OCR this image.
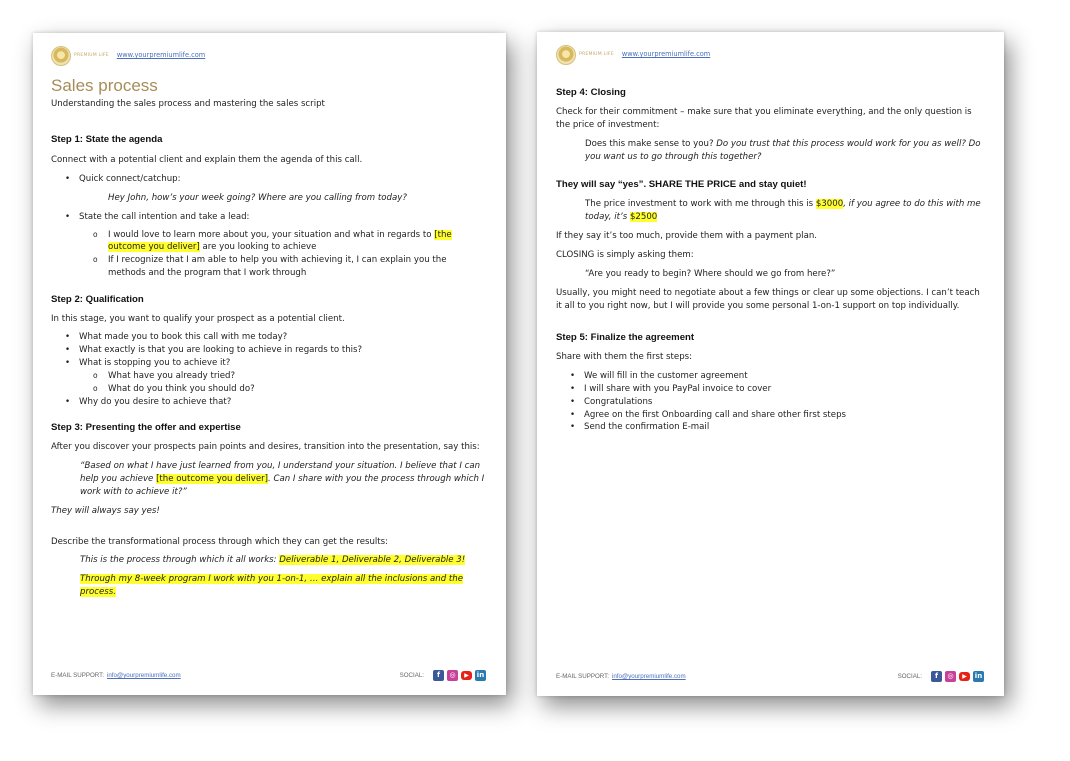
PREMIUM LIFE www.yourpremiumlife.com
Sales process

Understanding the sales process and mastering the sales script

Step 1: State the agenda

Connect with a potential client and explain them the agenda of this call.

• Quick connect/catchup:

Hey John, how’s your week going? Where are you calling from today?

• State the call intention and take a lead:
o I would love to learn more about you, your situation and what in regards to [the outcome you deliver] are you looking to achieve
o If I recognize that I am able to help you with achieving it, I can explain you the methods and the program that I work through
Step 2: Qualification

In this stage, you want to qualify your prospect as a potential client.

• What made you to book this call with me today?
• What exactly is that you are looking to achieve in regards to this?
• What is stopping you to achieve it?
o What have you already tried?
o What do you think you should do?
• Why do you desire to achieve that?
Step 3: Presenting the offer and expertise

After you discover your prospects pain points and desires, transition into the presentation, say this:

“Based on what I have just learned from you, I understand your situation. I believe that I can help you achieve [the outcome you deliver]. Can I share with you the process through which I work with to achieve it?”

They will always say yes!

Describe the transformational process through which they can get the results:

This is the process through which it all works: Deliverable 1, Deliverable 2, Deliverable 3!

Through my 8-week program I work with you 1-on-1, … explain all the inclusions and the process.

E-MAIL SUPPORT: info@yourpremiumlife.com	SOCIAL:	f	◎	▶	in
PREMIUM LIFE www.yourpremiumlife.com
Step 4: Closing

Check for their commitment – make sure that you eliminate everything, and the only question is the price of investment:

Does this make sense to you? Do you trust that this process would work for you as well? Do you want us to go through this together?

They will say “yes”. SHARE THE PRICE and stay quiet!

The price investment to work with me through this is $3000, if you agree to do this with me today, it’s $2500

If they say it’s too much, provide them with a payment plan.

CLOSING is simply asking them:

“Are you ready to begin? Where should we go from here?”

Usually, you might need to negotiate about a few things or clear up some objections. I can’t teach it all to you right now, but I will provide you some personal 1-on-1 support on top individually.

Step 5: Finalize the agreement

Share with them the first steps:

• We will fill in the customer agreement
• I will share with you PayPal invoice to cover
• Congratulations
• Agree on the first Onboarding call and share other first steps
• Send the confirmation E-mail
E-MAIL SUPPORT: info@yourpremiumlife.com	SOCIAL:	f	◎	▶	in
